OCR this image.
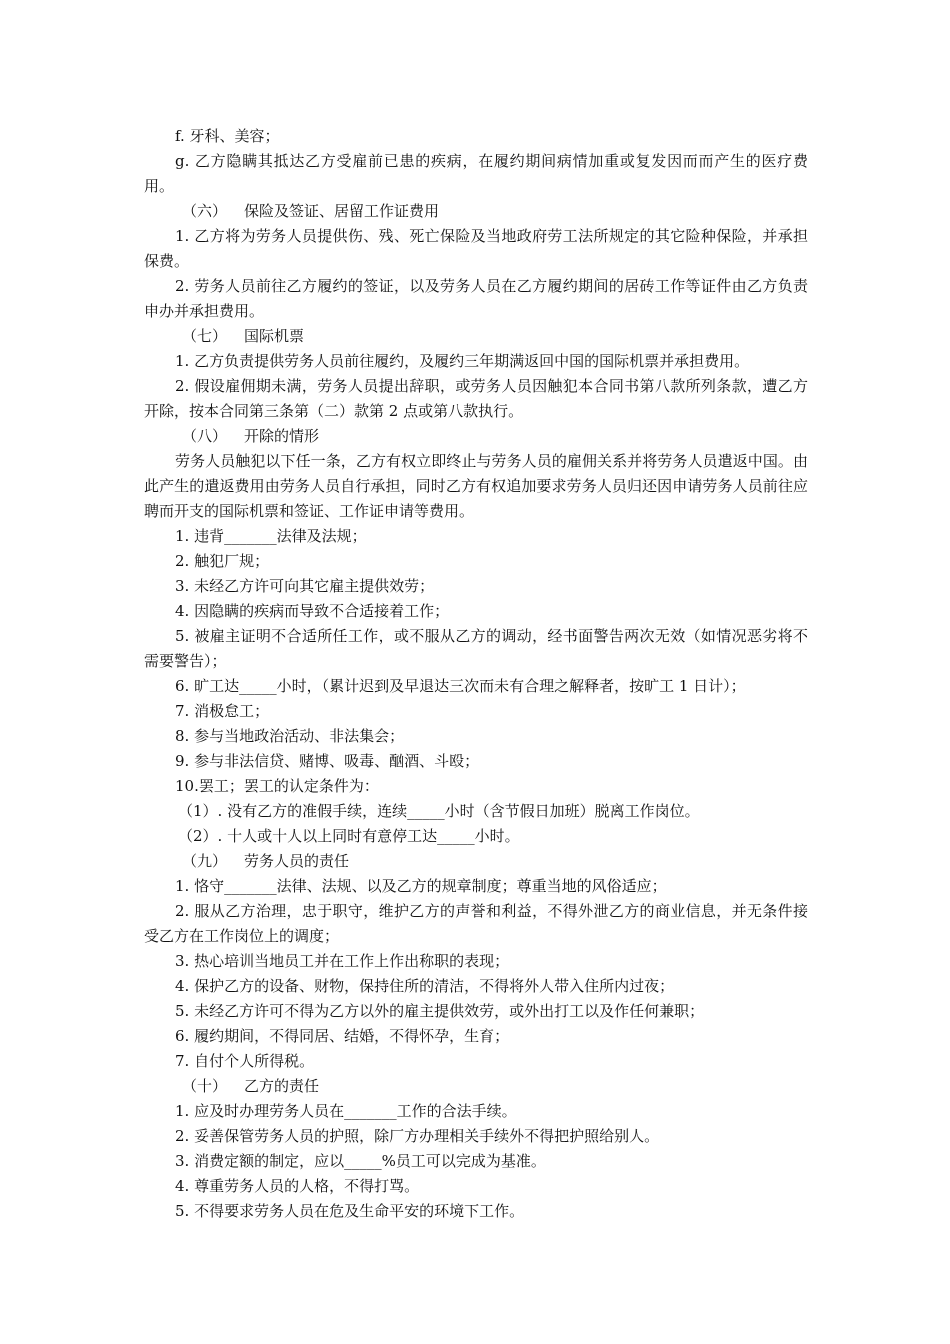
f. 牙科、美容；

g. 乙方隐瞒其抵达乙方受雇前已患的疾病，在履约期间病情加重或复发因而而产生的医疗费用。

（六） 保险及签证、居留工作证费用

1. 乙方将为劳务人员提供伤、残、死亡保险及当地政府劳工法所规定的其它险种保险，并承担保费。

2. 劳务人员前往乙方履约的签证，以及劳务人员在乙方履约期间的居砖工作等证件由乙方负责申办并承担费用。

（七） 国际机票

1. 乙方负责提供劳务人员前往履约，及履约三年期满返回中国的国际机票并承担费用。

2. 假设雇佣期未满，劳务人员提出辞职，或劳务人员因触犯本合同书第八款所列条款，遭乙方开除，按本合同第三条第（二）款第 2 点或第八款执行。

（八） 开除的情形

劳务人员触犯以下任一条，乙方有权立即终止与劳务人员的雇佣关系并将劳务人员遣返中国。由此产生的遣返费用由劳务人员自行承担，同时乙方有权追加要求劳务人员归还因申请劳务人员前往应聘而开支的国际机票和签证、工作证申请等费用。

1. 违背_______法律及法规；

2. 触犯厂规；

3. 未经乙方许可向其它雇主提供效劳；

4. 因隐瞒的疾病而导致不合适接着工作；

5. 被雇主证明不合适所任工作，或不服从乙方的调动，经书面警告两次无效（如情况恶劣将不需要警告）；

6. 旷工达_____小时，（累计迟到及早退达三次而未有合理之解释者，按旷工 1 日计）；

7. 消极怠工；

8. 参与当地政治活动、非法集会；

9. 参与非法信贷、赌博、吸毒、酗酒、斗殴；

10.罢工；罢工的认定条件为：

（1）. 没有乙方的准假手续，连续_____小时（含节假日加班）脱离工作岗位。

（2）. 十人或十人以上同时有意停工达_____小时。

（九） 劳务人员的责任

1. 恪守_______法律、法规、以及乙方的规章制度；尊重当地的风俗适应；

2. 服从乙方治理，忠于职守，维护乙方的声誉和利益，不得外泄乙方的商业信息，并无条件接受乙方在工作岗位上的调度；

3. 热心培训当地员工并在工作上作出称职的表现；

4. 保护乙方的设备、财物，保持住所的清洁，不得将外人带入住所内过夜；

5. 未经乙方许可不得为乙方以外的雇主提供效劳，或外出打工以及作任何兼职；

6. 履约期间，不得同居、结婚，不得怀孕，生育；

7. 自付个人所得税。

（十） 乙方的责任

1. 应及时办理劳务人员在_______工作的合法手续。

2. 妥善保管劳务人员的护照，除厂方办理相关手续外不得把护照给别人。

3. 消费定额的制定，应以_____%员工可以完成为基准。

4. 尊重劳务人员的人格，不得打骂。

5. 不得要求劳务人员在危及生命平安的环境下工作。
